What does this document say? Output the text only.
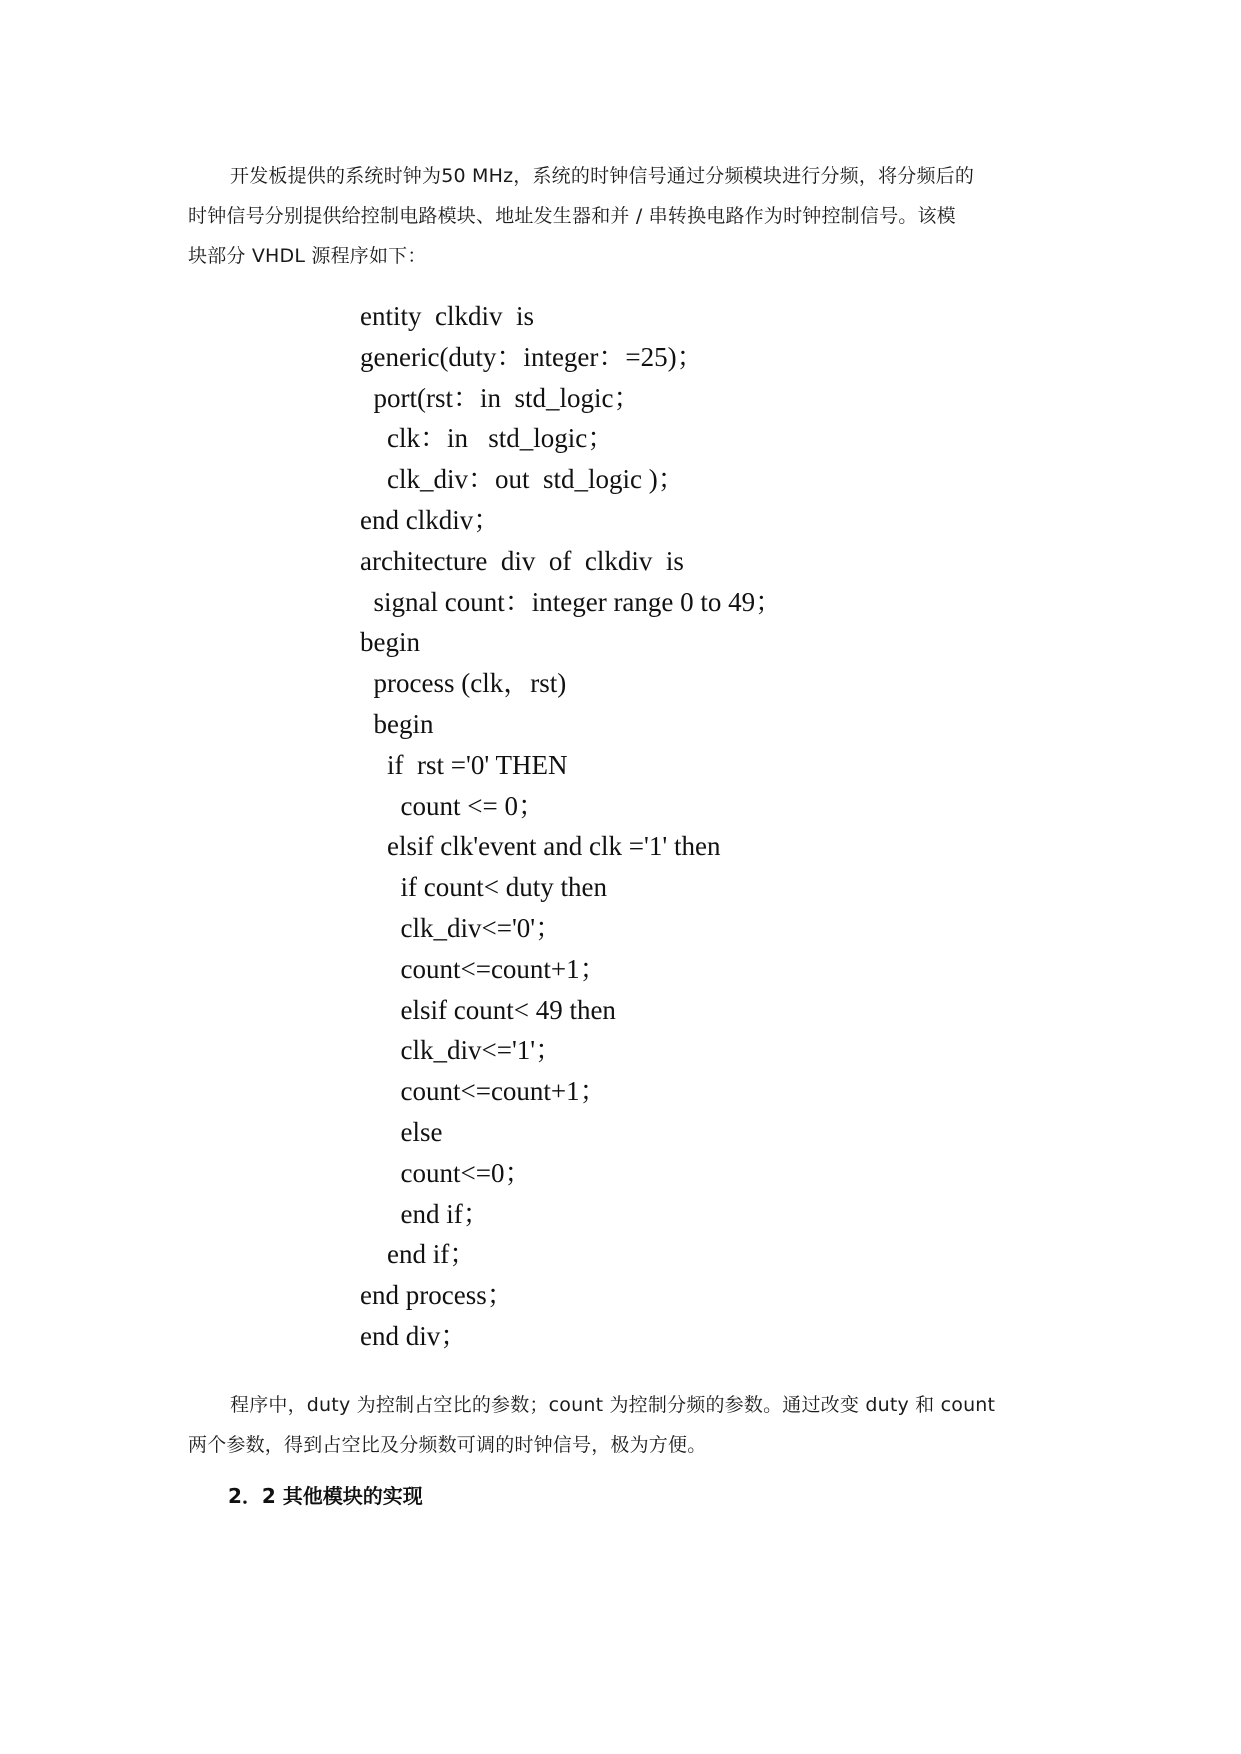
开发板提供的系统时钟为50 MHz，系统的时钟信号通过分频模块进行分频，将分频后的
时钟信号分别提供给控制电路模块、地址发生器和并 / 串转换电路作为时钟控制信号。该模
块部分 VHDL 源程序如下：
entity  clkdiv  is
generic(duty：integer：=25)；
port(rst：in  std_logic；
clk：in   std_logic；
clk_div：out  std_logic )；
end clkdiv；
architecture  div  of  clkdiv  is
signal count：integer range 0 to 49；
begin
process (clk，rst)
begin
if  rst ='0' THEN
count <= 0；
elsif clk'event and clk ='1' then
if count< duty then
clk_div<='0'；
count<=count+1；
elsif count< 49 then
clk_div<='1'；
count<=count+1；
else
count<=0；
end if；
end if；
end process；
end div；
程序中，duty 为控制占空比的参数；count 为控制分频的参数。通过改变 duty 和 count
两个参数，得到占空比及分频数可调的时钟信号，极为方便。
2．2 其他模块的实现
